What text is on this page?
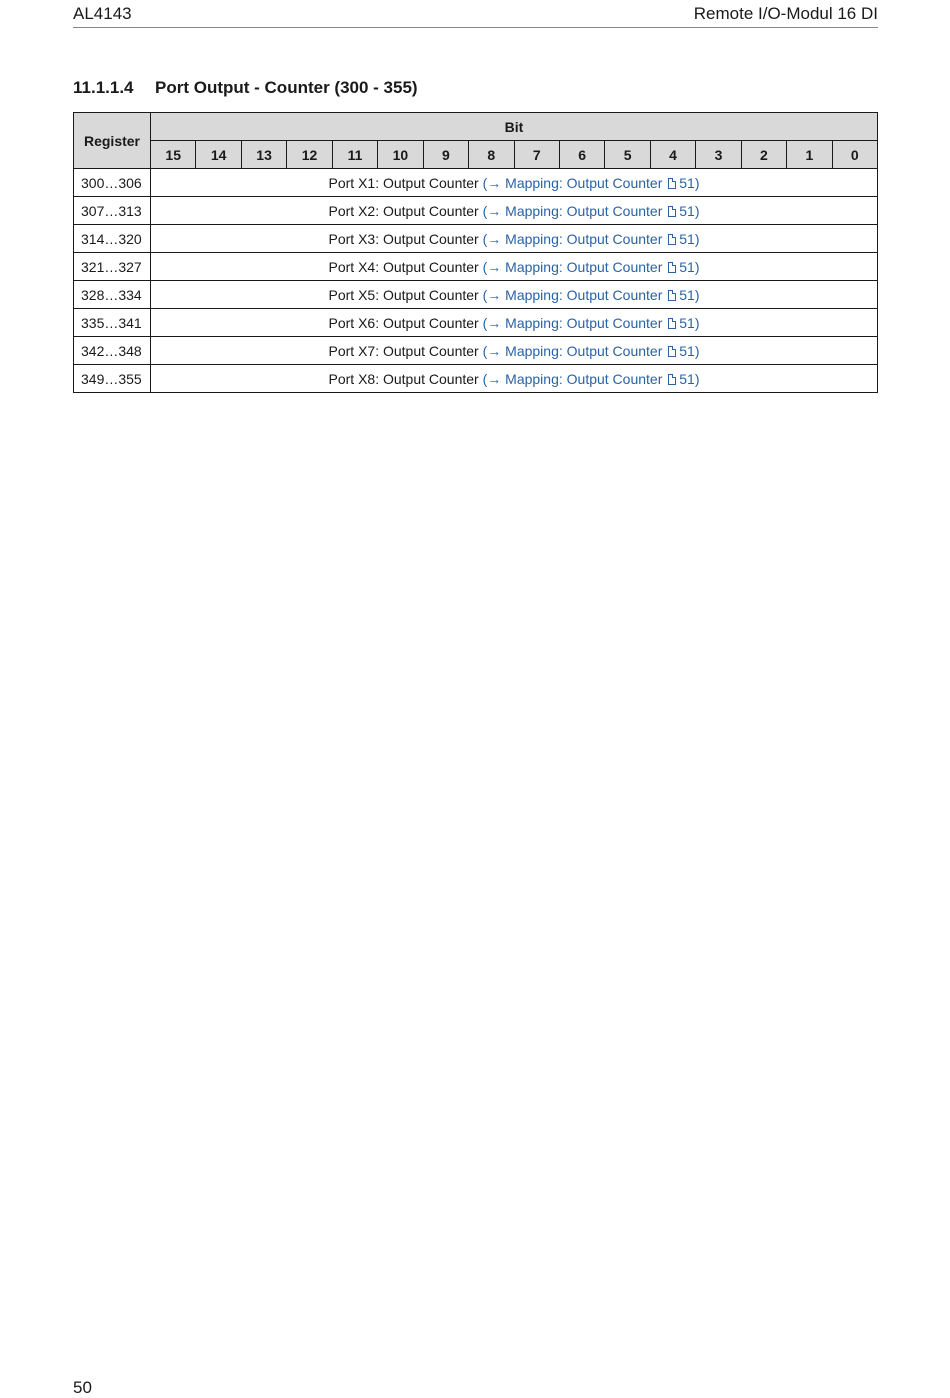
AL4143	Remote I/O-Modul 16 DI
11.1.1.4 Port Output - Counter (300 - 355)
Register	Bit															
	15	14	13	12	11	10	9	8	7	6	5	4	3	2	1	0
300…306	Port X1: Output Counter (→ Mapping: Output Counter 51)															
307…313	Port X2: Output Counter (→ Mapping: Output Counter 51)															
314…320	Port X3: Output Counter (→ Mapping: Output Counter 51)															
321…327	Port X4: Output Counter (→ Mapping: Output Counter 51)															
328…334	Port X5: Output Counter (→ Mapping: Output Counter 51)															
335…341	Port X6: Output Counter (→ Mapping: Output Counter 51)															
342…348	Port X7: Output Counter (→ Mapping: Output Counter 51)															
349…355	Port X8: Output Counter (→ Mapping: Output Counter 51)															
50
